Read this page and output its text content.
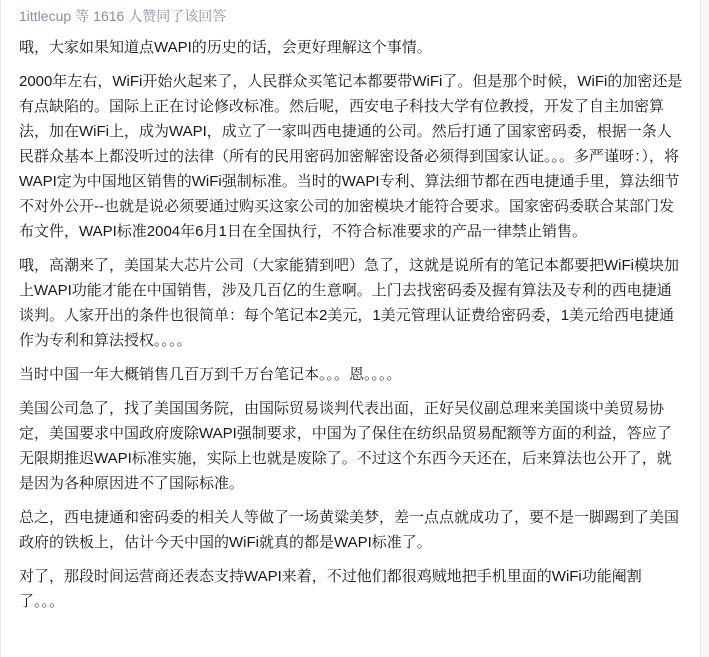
1ittlecup 等 1616 人赞同了该回答

哦，大家如果知道点WAPI的历史的话，会更好理解这个事情。

2000年左右，WiFi开始火起来了，人民群众买笔记本都要带WiFi了。但是那个时候，WiFi的加密还是有点缺陷的。国际上正在讨论修改标准。然后呢，西安电子科技大学有位教授，开发了自主加密算法，加在WiFi上，成为WAPI，成立了一家叫西电捷通的公司。然后打通了国家密码委，根据一条人民群众基本上都没听过的法律（所有的民用密码加密解密设备必须得到国家认证。。。多严谨呀：），将WAPI定为中国地区销售的WiFi强制标准。当时的WAPI专利、算法细节都在西电捷通手里，算法细节不对外公开--也就是说必须要通过购买这家公司的加密模块才能符合要求。国家密码委联合某部门发布文件，WAPI标准2004年6月1日在全国执行，不符合标准要求的产品一律禁止销售。

哦，高潮来了，美国某大芯片公司（大家能猜到吧）急了，这就是说所有的笔记本都要把WiFi模块加上WAPI功能才能在中国销售，涉及几百亿的生意啊。上门去找密码委及握有算法及专利的西电捷通谈判。人家开出的条件也很简单：每个笔记本2美元，1美元管理认证费给密码委，1美元给西电捷通作为专利和算法授权。。。。

当时中国一年大概销售几百万到千万台笔记本。。。恩。。。。

美国公司急了，找了美国国务院，由国际贸易谈判代表出面，正好吴仪副总理来美国谈中美贸易协定，美国要求中国政府废除WAPI强制要求，中国为了保住在纺织品贸易配额等方面的利益，答应了无限期推迟WAPI标准实施，实际上也就是废除了。不过这个东西今天还在，后来算法也公开了，就是因为各种原因进不了国际标准。

总之，西电捷通和密码委的相关人等做了一场黄粱美梦，差一点点就成功了，要不是一脚踢到了美国政府的铁板上，估计今天中国的WiFi就真的都是WAPI标准了。

对了，那段时间运营商还表态支持WAPI来着，不过他们都很鸡贼地把手机里面的WiFi功能阉割了。。。
